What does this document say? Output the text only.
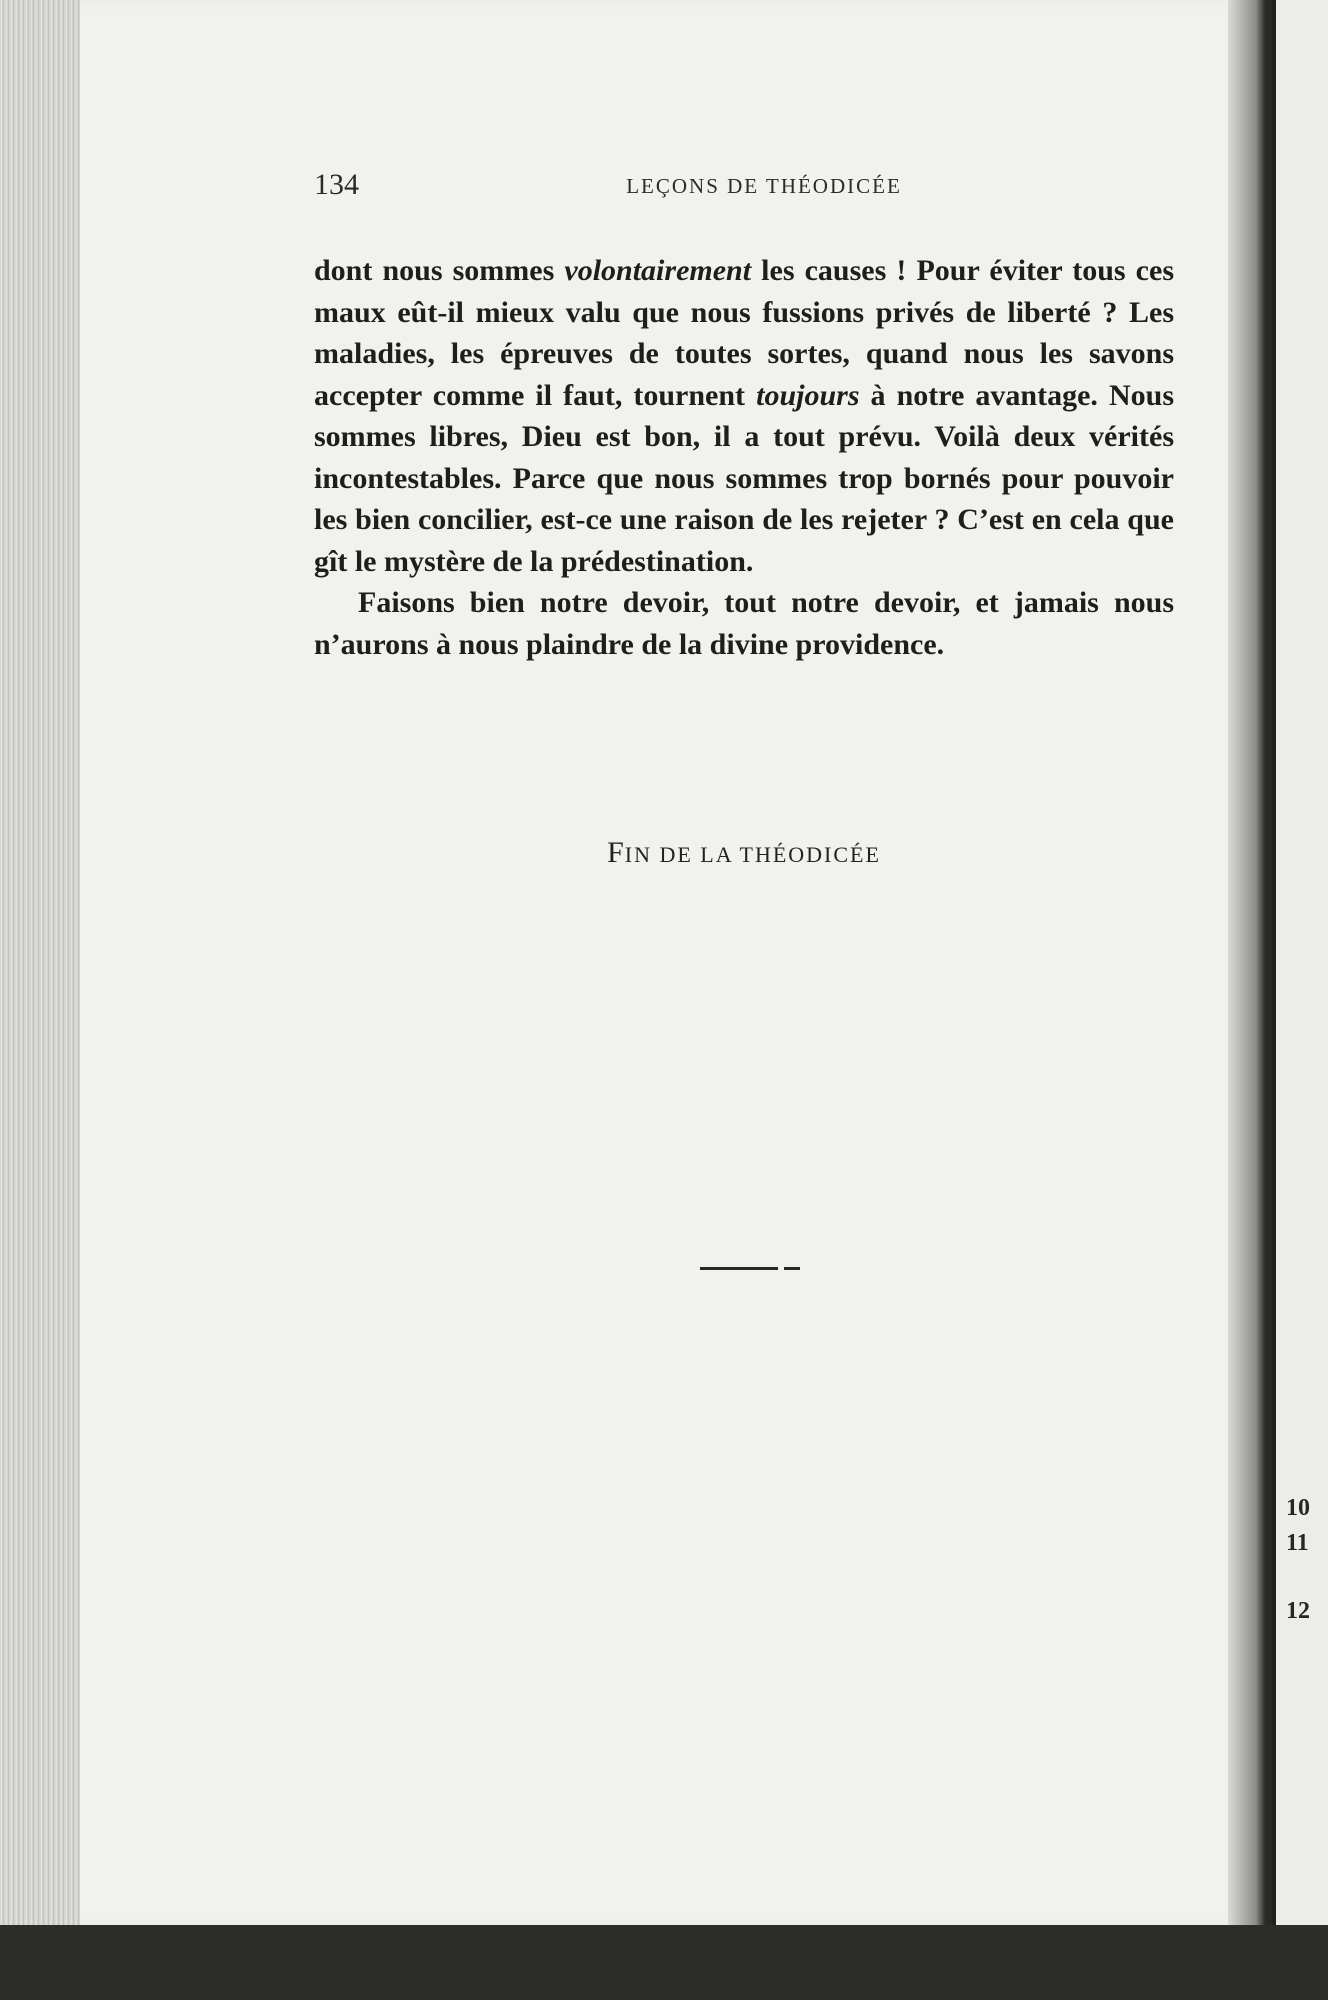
10
11
12
134	LEÇONS DE THÉODICÉE

dont nous sommes volontairement les causes ! Pour éviter tous ces maux eût-il mieux valu que nous fussions privés de liberté ? Les maladies, les épreuves de toutes sortes, quand nous les savons accepter comme il faut, tournent toujours à notre avantage. Nous sommes libres, Dieu est bon, il a tout prévu. Voilà deux vérités incontestables. Parce que nous sommes trop bornés pour pouvoir les bien concilier, est-ce une raison de les rejeter ? C’est en cela que gît le mystère de la prédestination.

Faisons bien notre devoir, tout notre devoir, et jamais nous n’aurons à nous plaindre de la divine providence.

FIN DE LA THÉODICÉE
